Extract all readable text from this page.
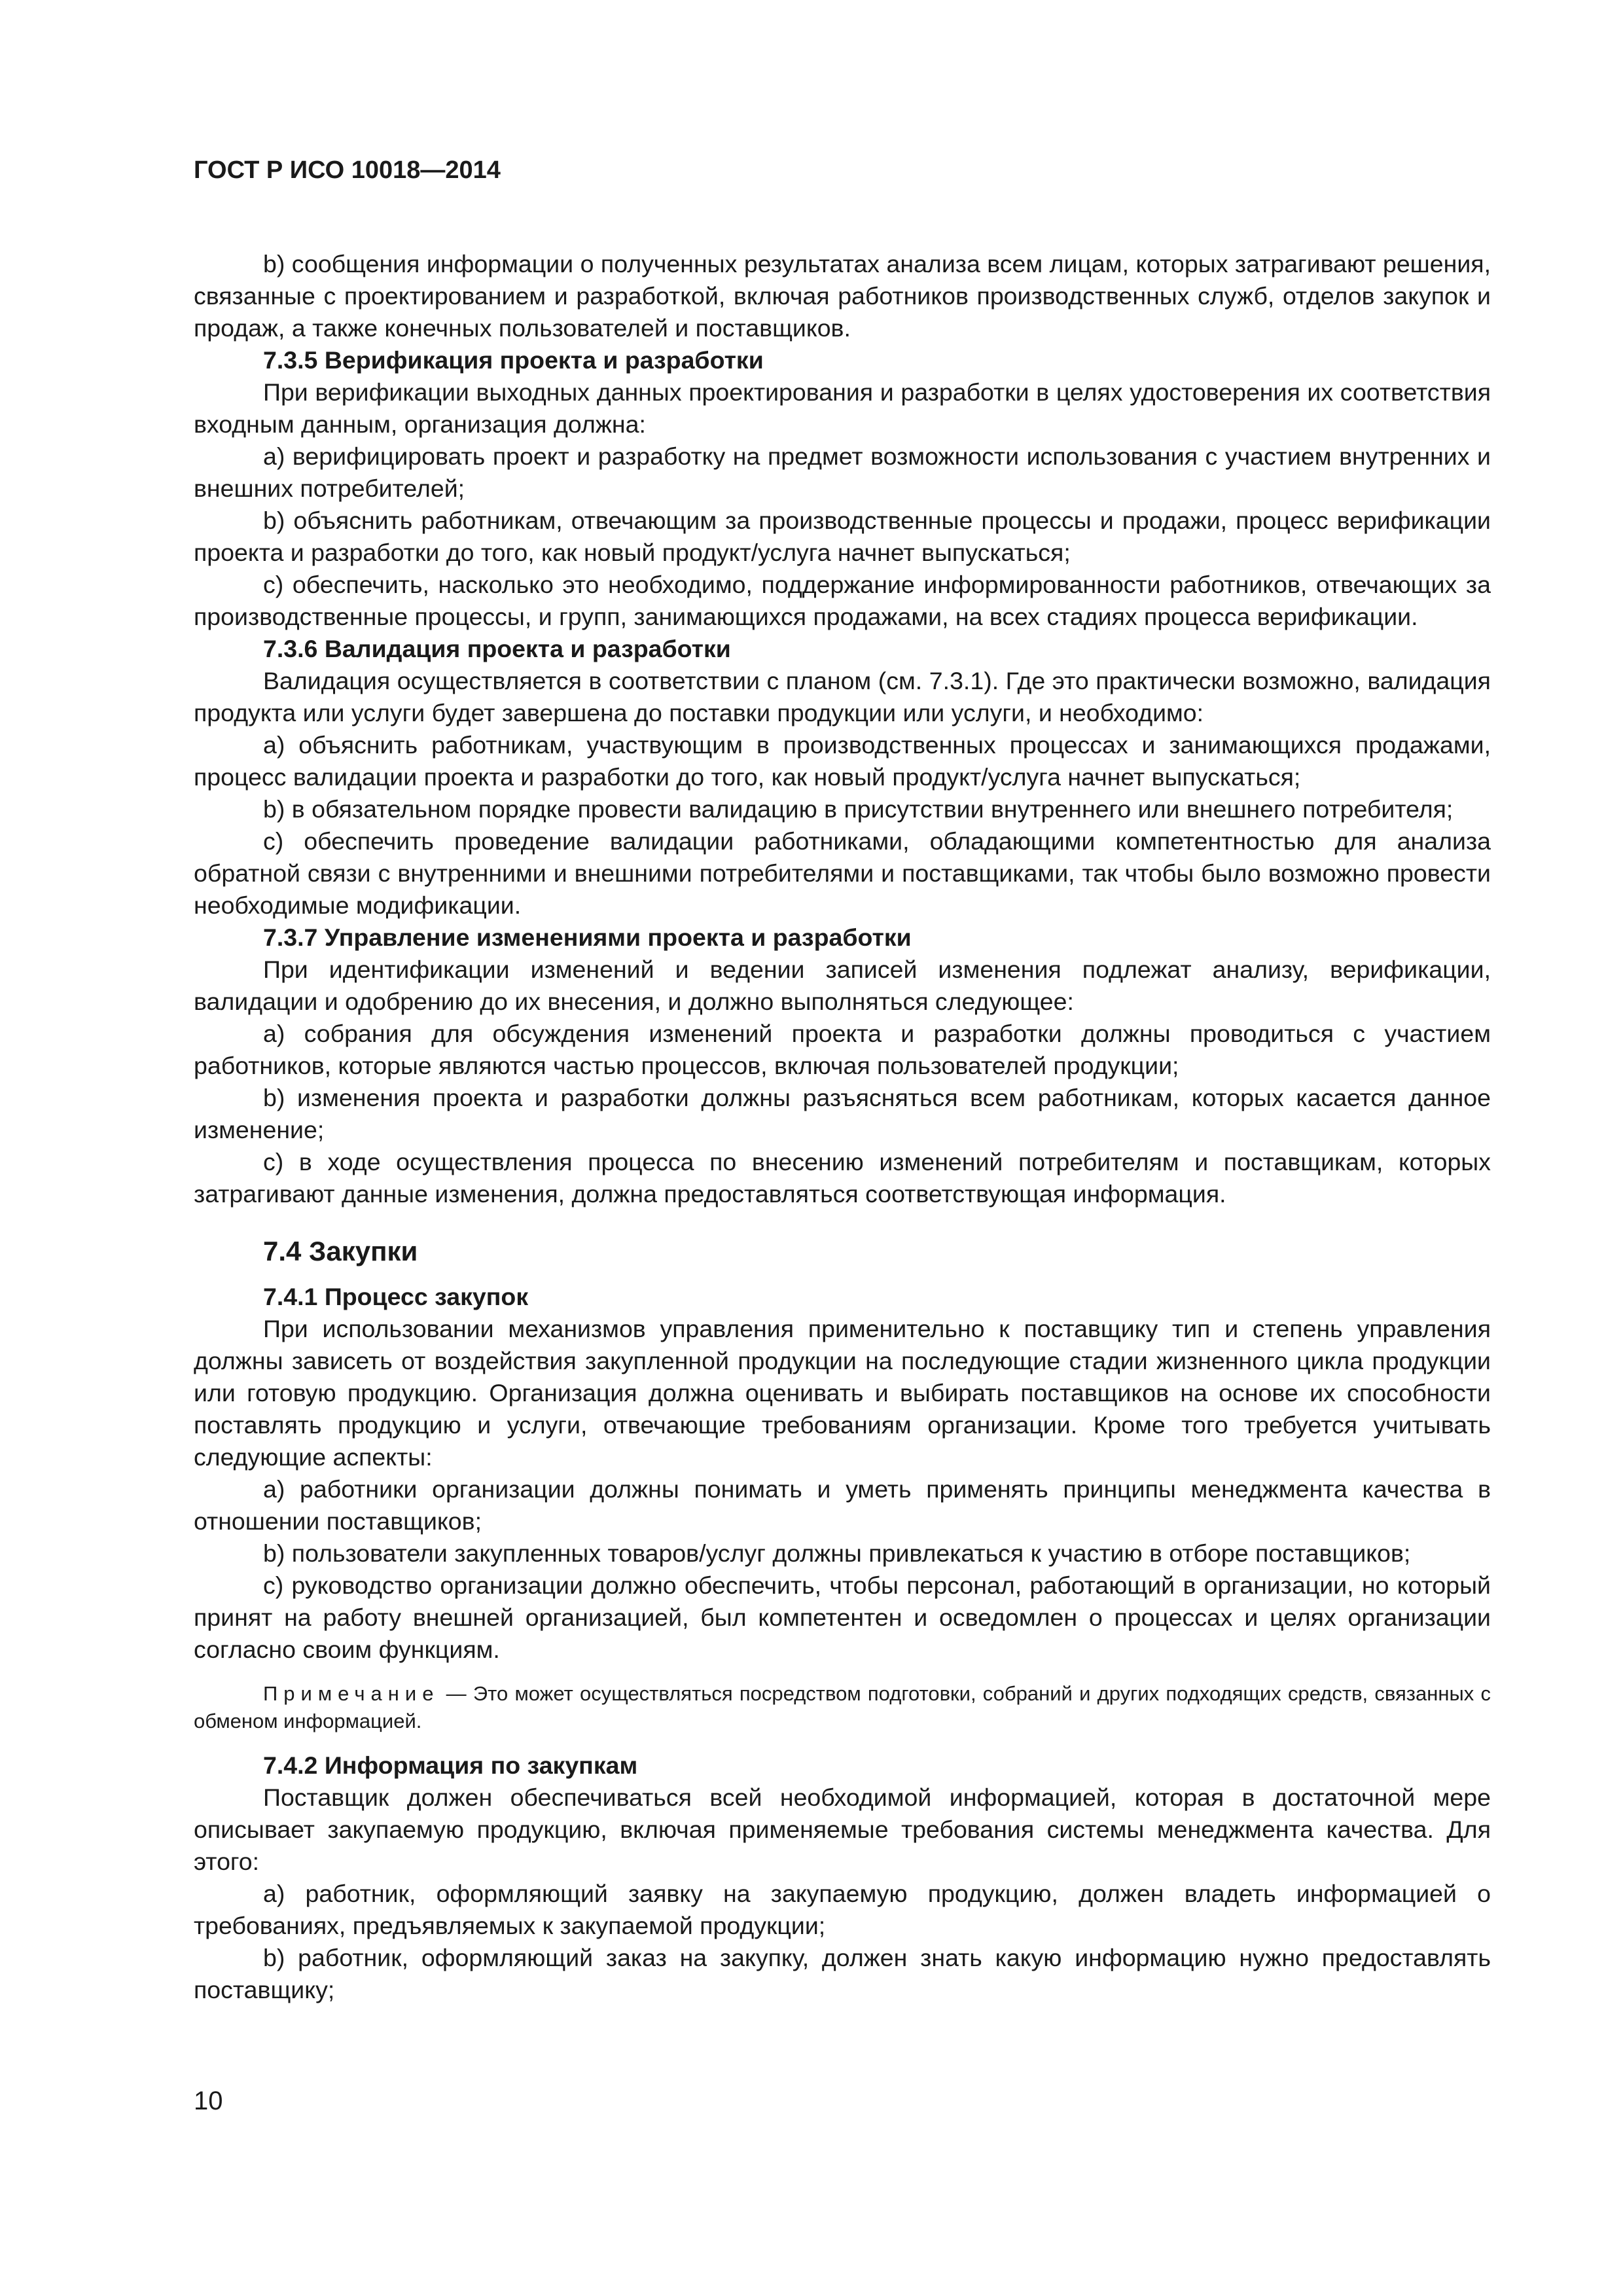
ГОСТ Р ИСО 10018—2014

b) сообщения информации о полученных результатах анализа всем лицам, которых затрагивают решения, связанные с проектированием и разработкой, включая работников производственных служб, отделов закупок и продаж, а также конечных пользователей и поставщиков.

7.3.5 Верификация проекта и разработки

При верификации выходных данных проектирования и разработки в целях удостоверения их соответствия входным данным, организация должна:

а) верифицировать проект и разработку на предмет возможности использования с участием внутренних и внешних потребителей;

b) объяснить работникам, отвечающим за производственные процессы и продажи, процесс верификации проекта и разработки до того, как новый продукт/услуга начнет выпускаться;

c) обеспечить, насколько это необходимо, поддержание информированности работников, отвечающих за производственные процессы, и групп, занимающихся продажами, на всех стадиях процесса верификации.

7.3.6 Валидация проекта и разработки

Валидация осуществляется в соответствии с планом (см. 7.3.1). Где это практически возможно, валидация продукта или услуги будет завершена до поставки продукции или услуги, и необходимо:

а) объяснить работникам, участвующим в производственных процессах и занимающихся продажами, процесс валидации проекта и разработки до того, как новый продукт/услуга начнет выпускаться;

b) в обязательном порядке провести валидацию в присутствии внутреннего или внешнего потребителя;

c) обеспечить проведение валидации работниками, обладающими компетентностью для анализа обратной связи с внутренними и внешними потребителями и поставщиками, так чтобы было возможно провести необходимые модификации.

7.3.7 Управление изменениями проекта и разработки

При идентификации изменений и ведении записей изменения подлежат анализу, верификации, валидации и одобрению до их внесения, и должно выполняться следующее:

а) собрания для обсуждения изменений проекта и разработки должны проводиться с участием работников, которые являются частью процессов, включая пользователей продукции;

b) изменения проекта и разработки должны разъясняться всем работникам, которых касается данное изменение;

c) в ходе осуществления процесса по внесению изменений потребителям и поставщикам, которых затрагивают данные изменения, должна предоставляться соответствующая информация.

7.4 Закупки
7.4.1 Процесс закупок

При использовании механизмов управления применительно к поставщику тип и степень управления должны зависеть от воздействия закупленной продукции на последующие стадии жизненного цикла продукции или готовую продукцию. Организация должна оценивать и выбирать поставщиков на основе их способности поставлять продукцию и услуги, отвечающие требованиям организации. Кроме того требуется учитывать следующие аспекты:

а) работники организации должны понимать и уметь применять принципы менеджмента качества в отношении поставщиков;

b) пользователи закупленных товаров/услуг должны привлекаться к участию в отборе поставщиков;

c) руководство организации должно обеспечить, чтобы персонал, работающий в организации, но который принят на работу внешней организацией, был компетентен и осведомлен о процессах и целях организации согласно своим функциям.

Примечание — Это может осуществляться посредством подготовки, собраний и других подходящих средств, связанных с обменом информацией.

7.4.2 Информация по закупкам

Поставщик должен обеспечиваться всей необходимой информацией, которая в достаточной мере описывает закупаемую продукцию, включая применяемые требования системы менеджмента качества. Для этого:

а) работник, оформляющий заявку на закупаемую продукцию, должен владеть информацией о требованиях, предъявляемых к закупаемой продукции;

b) работник, оформляющий заказ на закупку, должен знать какую информацию нужно предоставлять поставщику;

10
